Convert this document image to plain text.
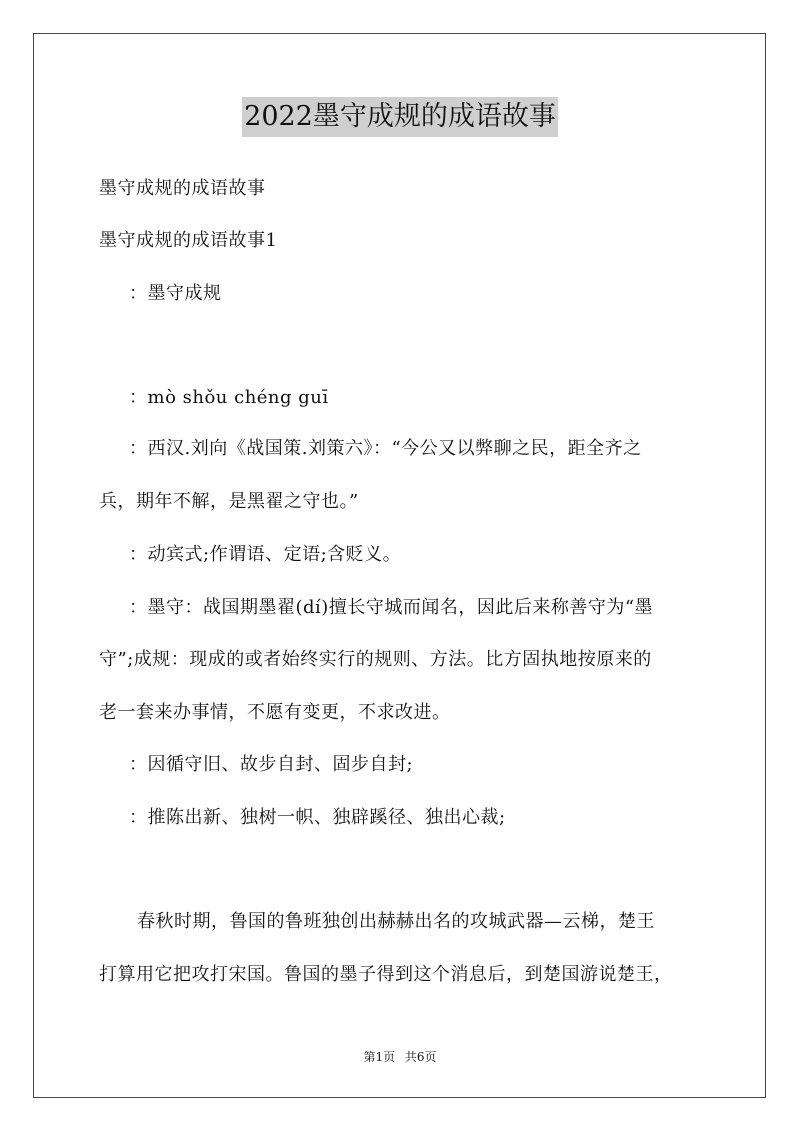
2022墨守成规的成语故事
墨守成规的成语故事
墨守成规的成语故事1
：墨守成规
：mò shǒu chéng guī
：西汉.刘向《战国策.刘策六》：“今公又以弊聊之民，距全齐之
兵，期年不解，是黑翟之守也。”
：动宾式;作谓语、定语;含贬义。
：墨守：战国期墨翟(dí)擅长守城而闻名，因此后来称善守为“墨
守”;成规：现成的或者始终实行的规则、方法。比方固执地按原来的
老一套来办事情，不愿有变更，不求改进。
：因循守旧、故步自封、固步自封;
：推陈出新、独树一帜、独辟蹊径、独出心裁;
春秋时期，鲁国的鲁班独创出赫赫出名的攻城武器—云梯，楚王
打算用它把攻打宋国。鲁国的墨子得到这个消息后，到楚国游说楚王，
第1页 共6页
